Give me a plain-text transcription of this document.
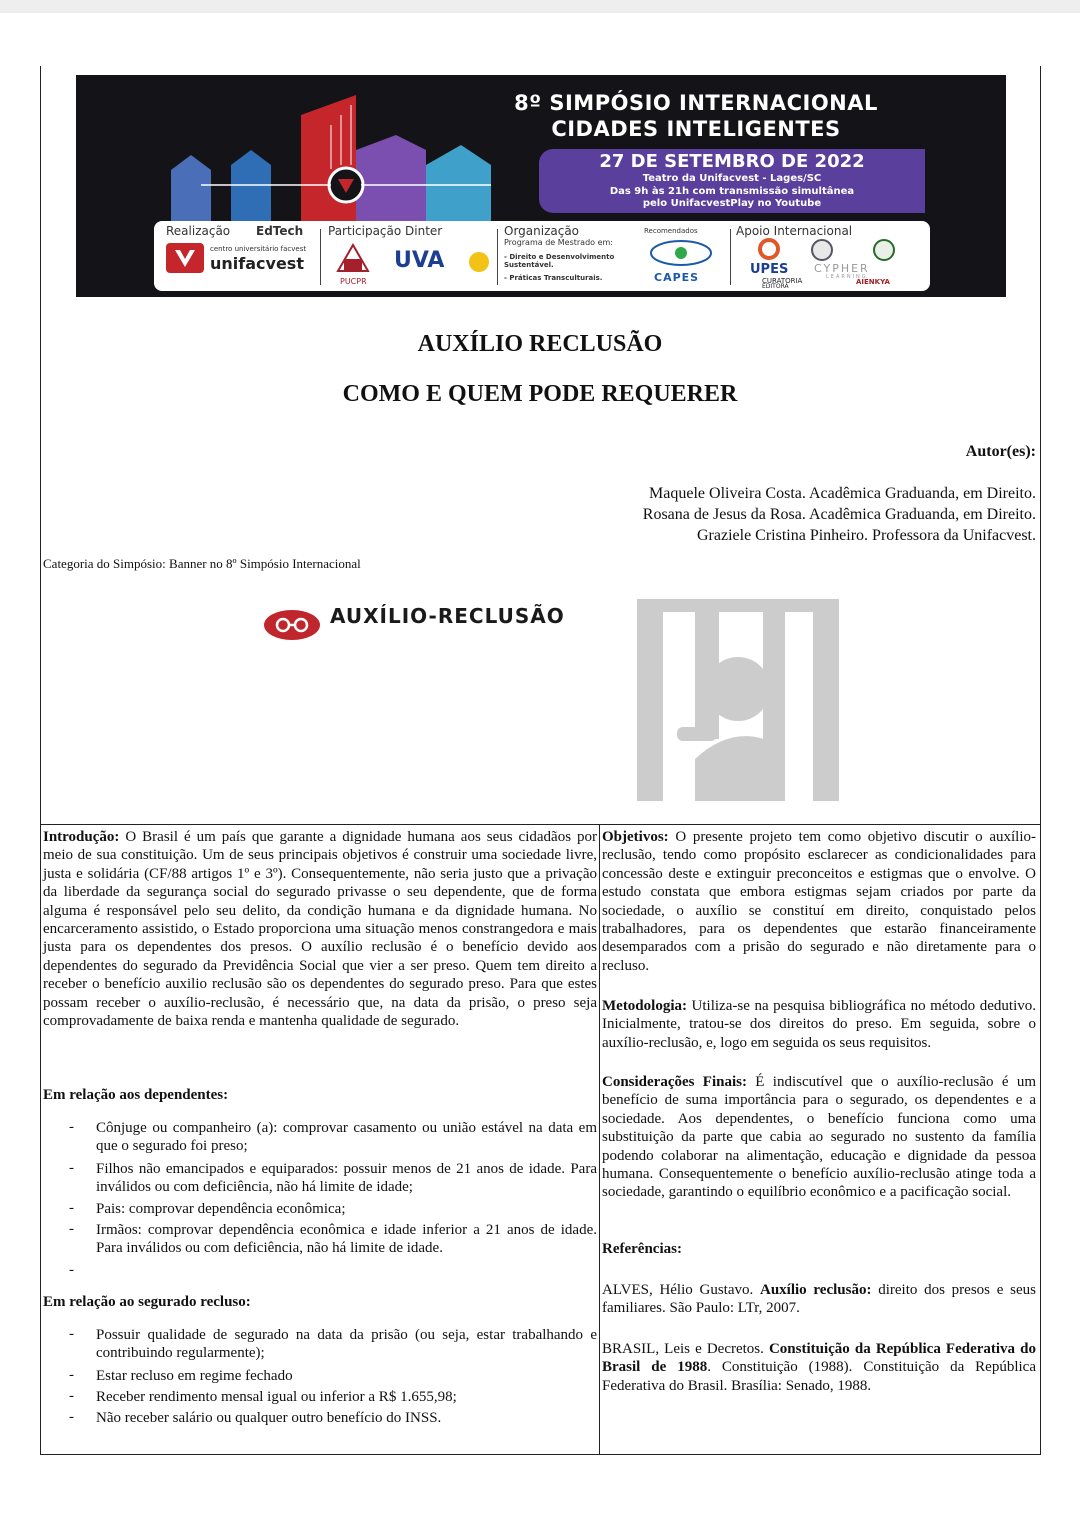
8º SIMPÓSIO INTERNACIONAL
CIDADES INTELIGENTES
27 DE SETEMBRO DE 2022
Teatro da Unifacvest - Lages/SC
Das 9h às 21h com transmissão simultânea
pelo UnifacvestPlay no Youtube
Realização EdTech
centro universitário facvest
unifacvest
Participação Dinter
PUCPR
UVA
Organização
Programa de Mestrado em:
- Direito e Desenvolvimento
Sustentável.
- Práticas Transculturais.
Recomendados
CAPES
Apoio Internacional
UPES CYPHER
LEARNING
CURATORIA
EDITORA
AIENKYA
AUXÍLIO RECLUSÃO
COMO E QUEM PODE REQUERER
Autor(es):
Maquele Oliveira Costa. Acadêmica Graduanda, em Direito.
Rosana de Jesus da Rosa. Acadêmica Graduanda, em Direito.
Graziele Cristina Pinheiro. Professora da Unifacvest.
Categoria do Simpósio: Banner no 8º Simpósio Internacional
AUXÍLIO-RECLUSÃO

Introdução: O Brasil é um país que garante a dignidade humana aos seus cidadãos por meio de sua constituição. Um de seus principais objetivos é construir uma sociedade livre, justa e solidária (CF/88 artigos 1º e 3º). Consequentemente, não seria justo que a privação da liberdade da segurança social do segurado privasse o seu dependente, que de forma alguma é responsável pelo seu delito, da condição humana e da dignidade humana. No encarceramento assistido, o Estado proporciona uma situação menos constrangedora e mais justa para os dependentes dos presos. O auxílio reclusão é o benefício devido aos dependentes do segurado da Previdência Social que vier a ser preso. Quem tem direito a receber o benefício auxilio reclusão são os dependentes do segurado preso. Para que estes possam receber o auxílio-reclusão, é necessário que, na data da prisão, o preso seja comprovadamente de baixa renda e mantenha qualidade de segurado.

Em relação aos dependentes:
- Cônjuge ou companheiro (a): comprovar casamento ou união estável na data em que o segurado foi preso;
- Filhos não emancipados e equiparados: possuir menos de 21 anos de idade. Para inválidos ou com deficiência, não há limite de idade;
- Pais: comprovar dependência econômica;
- Irmãos: comprovar dependência econômica e idade inferior a 21 anos de idade. Para inválidos ou com deficiência, não há limite de idade.
-
Em relação ao segurado recluso:
- Possuir qualidade de segurado na data da prisão (ou seja, estar trabalhando e contribuindo regularmente);
- Estar recluso em regime fechado
- Receber rendimento mensal igual ou inferior a R$ 1.655,98;
- Não receber salário ou qualquer outro benefício do INSS.

Objetivos: O presente projeto tem como objetivo discutir o auxílio-reclusão, tendo como propósito esclarecer as condicionalidades para concessão deste e extinguir preconceitos e estigmas que o envolve. O estudo constata que embora estigmas sejam criados por parte da sociedade, o auxílio se constituí em direito, conquistado pelos trabalhadores, para os dependentes que estarão financeiramente desemparados com a prisão do segurado e não diretamente para o recluso.

Metodologia: Utiliza-se na pesquisa bibliográfica no método dedutivo. Inicialmente, tratou-se dos direitos do preso. Em seguida, sobre o auxílio-reclusão, e, logo em seguida os seus requisitos.

Considerações Finais: É indiscutível que o auxílio-reclusão é um benefício de suma importância para o segurado, os dependentes e a sociedade. Aos dependentes, o benefício funciona como uma substituição da parte que cabia ao segurado no sustento da família podendo colaborar na alimentação, educação e dignidade da pessoa humana. Consequentemente o benefício auxílio-reclusão atinge toda a sociedade, garantindo o equilíbrio econômico e a pacificação social.

Referências:

ALVES, Hélio Gustavo. Auxílio reclusão: direito dos presos e seus familiares. São Paulo: LTr, 2007.

BRASIL, Leis e Decretos. Constituição da República Federativa do Brasil de 1988. Constituição (1988). Constituição da República Federativa do Brasil. Brasília: Senado, 1988.
